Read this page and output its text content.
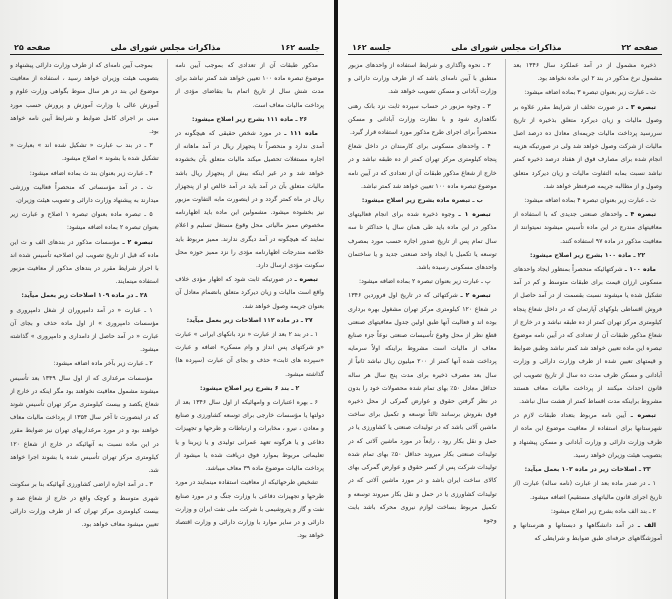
جلسه ۱۶۲
مذاکرات مجلس شورای ملی
صفحه ۲۵

مذکور طبقات آن از تعدادی که بموجب آیین نامه موضوع تبصره ماده ۱۰۰ تعیین خواهد شد کمتر نباشد برای مدت شش سال از تاریخ اتمام بنا بتقاضای مؤدی از پرداخت مالیات معاف است.

۲۶ ـ ماده ۱۱۱ بشرح زیر اصلاح میشود:

ماده ۱۱۱ ـ در مورد شخص حقیقی که هیچگونه در آمدی ندارد و منحصراً تا پنجهزار ریال در آمد ماهانه از اجاره مستغلات تحصیل میکند مالیات متعلق بآن بخشوده خواهد شد و در غیر اینکه بیش از پنجهزار ریال باشد مالیات متعلق بآن در آمد باید در آمد خالص او از پنجهزار ریال در ماه کمتر گردد و در اینصورت مابه التفاوت مزبور نیز بخشوده میشود. مشمولین این ماده باید اظهارنامه مخصوص ممیز مالیاتی محل وقوع مستغل تسلیم و اعلام نمایند که هیچگونه در آمد دیگری ندارند. ممیز مربوط باید خلاصه مندرجات اظهارنامه مؤدی را نزد ممیز حوزه محل سکونت مؤدی ارسال دارد.

تبصره ـ در صورتیکه ثابت شود که اظهار مؤدی خلاف واقع است مالیات و زیان دیرکرد متعلق بانضمام معادل آن بعنوان جریمه وصول خواهد شد.

۲۷ ـ در ماده ۱۱۲ اصلاحات زیر بعمل میآید:

۱ ـ در بند ۲ بعد از عبارت « نزد بانکهای ایرانی » عبارت «و شرکتهای پس انداز و وام مسکن» اضافه و عبارت «سپرده های ثابت» حذف و بجای آن عبارت (سپرده ها) گذاشته میشود.

۲ ـ بند ۶ بشرح زیر اصلاح میشود:

۶ ـ بهره اعتبارات و وامهائیکه از اول سال ۱۳۴۶ بعد از دولتها یا مؤسسات خارجی برای توسعه کشاورزی و صنایع و معادن ، نیرو ، مخابرات و ارتباطات و طرحها و تجهیزات دفاعی و یا هرگونه تعهد عمرانی تولیدی و یا زیربنا و یا تعلیماتی مربوط بموارد فوق دریافت شده یا میشود از پرداخت مالیات موضوع ماده ۳۹ معاف میباشد.

تشخیص طرحهائیکه از معافیت استفاده مینمایند در مورد طرحها و تجهیزات دفاعی با وزارت جنگ و در مورد صنایع نفت و گاز و پتروشیمی با شرکت ملی نفت ایران و وزارت دارائی و در سایر موارد با وزارت دارائی و وزارت اقتصاد خواهد بود.

بموجب آیین نامه‌ای که از طرف وزارت دارائی پیشنهاد و بتصویب هیئت وزیران خواهد رسید ، استفاده از معافیت موضوع این بند در هر سال منوط بگواهی وزارت علوم و آموزش عالی یا وزارت آموزش و پرورش حسب مورد مبنی بر اجرای کامل ضوابط و شرایط آیین نامه خواهد بود.

۳ ـ در بند ب عبارت « تشکیل شده اند » بعبارت « تشکیل شده یا بشوند » اصلاح میشود.

۴ ـ عبارت زیر بعنوان بند ث بماده اضافه میشود:

ث ـ در آمد مؤسساتی که منحصراً فعالیت ورزشی میدارند به پیشنهاد وزارت دارائی و تصویب هیئت وزیران.

۵ ـ تبصره ماده بعنوان تبصره ۱ اصلاح و عبارت زیر بعنوان تبصره ۲ بماده اضافه میشود:

تبصره ۲ ـ مؤسسات مذکور در بندهای الف و ت این ماده که قبل از تاریخ تصویب این اصلاحیه تأسیس شده اند با احراز شرایط مقرر در بندهای مذکور از معافیت مزبور استفاده مینمایند.

۲۸ ـ در ماده ۱۰۹ اصلاحات زیر بعمل میآید:

۱ ـ عبارت « در آمد دامپروران از شغل دامپروری و مؤسسات دامپروری » از اول ماده حذف و بجای آن عبارت « در آمد حاصل از دامداری و دامپروری » گذاشته میشود.

۲ ـ عبارت زیر بآخر ماده اضافه میشود:

مؤسسات مرغداری که از اول سال ۱۳۴۹ بعد تأسیس میشوند مشمول معافیت نخواهند بود مگر اینکه در خارج از شعاع یکصد و بیست کیلومتری مرکز تهران تأسیس شوند که در اینصورت تا آخر سال ۱۳۵۴ از پرداخت مالیات معاف خواهند بود و در مورد مرغداریهای تهران نیز ضوابط مقرر در این ماده نسبت به آنهائیکه در خارج از شعاع ۱۲۰ کیلومتری مرکز تهران تأسیس شده یا بشوند اجرا خواهد شد.

۳ ـ در آمد اجاره اراضی کشاورزی آنهائیکه بنا بر سکونت شهری متوسط و کوچک واقع در خارج از شعاع صد و بیست کیلومتری مرکز تهران که از طرف وزارت دارائی تعیین میشود معاف خواهد بود.

صفحه ۲۲
مذاکرات مجلس شورای ملی
جلسه ۱۶۲

ذخیره مشمول از در آمد عملکرد سال ۱۳۴۶ بعد مشمول نرخ مذکور در بند ۲ این ماده نخواهد بود.

ث ـ عبارت زیر بعنوان تبصره ۳ بماده اضافه میشود:

تبصره ۳ ـ در صورت تخلف از شرایط مقرر علاوه بر وصول مالیات و زیان دیرکرد متعلق بذخیره از تاریخ سررسید پرداخت مالیات جریمه‌ای معادل ده درصد اصل مالیات از شرکت وصول خواهد شد ولی در صورتیکه هزینه انجام شده برای مصارف فوق از هفتاد درصد ذخیره کمتر نباشد نسبت بمابه التفاوت مالیات و زیان دیرکرد متعلق وصول و از مطالبه جریمه صرفنظر خواهد شد.

ث ـ عبارت زیر بعنوان تبصره ۴ بماده اضافه میشود:

تبصره ۴ ـ واحدهای صنعتی جدیدی که با استفاده از معافیتهای مندرج در این ماده تأسیس میشوند نمیتوانند از معافیت مذکور در ماده ۹۷ استفاده کنند.

۲۲ ـ ماده ۱۰۰ بشرح زیر اصلاح میشود:

ماده ۱۰۰ ـ شرکتهائیکه منحصراً بمنظور ایجاد واحدهای مسکونی ارزان قیمت برای طبقات متوسط و کم در آمد تشکیل شده یا میشوند نسبت بقسمت از در آمد حاصل از فروش اقساطی بلوکهای آپارتمان که در داخل شعاع پنجاه کیلومتری مرکز تهران کمتر از ده طبقه نباشد و در خارج از شعاع مذکور طبقات آن از تعدادی که در آیین نامه موضوع تبصره این ماده تعیین خواهد شد کمتر نباشد وطبق ضوابط و قیمتهای تعیین شده از طرف وزارت دارائی و وزارت آبادانی و مسکن ظرف مدت ده سال از تاریخ تصویب این قانون احداث میکنند از پرداخت مالیات معاف هستند مشروط براینکه مدت اقساط کمتر از هشت سال نباشد.

تبصره ـ آیین نامه مربوط بتعداد طبقات لازم در شهرستانها برای استفاده از معافیت موضوع این ماده از طرف وزارت دارائی و وزارت آبادانی و مسکن پیشنهاد و بتصویب هیئت وزیران خواهد رسید.

۲۳ ـ اصلاحات زیر در ماده ۱۰۲ بعمل میآید:

۱ ـ در صدر ماده بعد از عبارت (نامه ساله) عبارت (از تاریخ اجرای قانون مالیاتهای مستقیم) اضافه میشود.

۲ ـ بند الف ماده بشرح زیر اصلاح میشود:

الف ـ در آمد دانشگاهها و دبستانها و هنرستانها و آموزشگاههای حرفه‌ای طبق ضوابط و شرایطی که

۲ ـ نحوه واگذاری و شرایط استفاده از واحدهای مزبور منطبق با آیین نامه‌ای باشد که از طرف وزارت دارائی و وزارت آبادانی و مسکن تصویب خواهد شد.

۳ ـ وجوه مزبور در حساب سپرده ثابت نزد بانک رهنی نگاهداری شود و با نظارت وزارت آبادانی و مسکن منحصراً برای اجرای طرح مذکور مورد استفاده قرار گیرد.

۴ ـ واحدهای مسکونی برای کارمندان در داخل شعاع پنجاه کیلومتری مرکز تهران کمتر از ده طبقه نباشد و در خارج از شعاع مذکور طبقات آن از تعدادی که در آیین نامه موضوع تبصره ماده ۱۰۰ تعیین خواهد شد کمتر نباشد.

ب ـ تبصره ماده بشرح زیر اصلاح میشود:

تبصره ۱ ـ وجوه ذخیره شده برای انجام فعالیتهای مذکور در این ماده باید طی همان سال یا حداکثر تا سه سال تمام پس از تاریخ صدور اجازه حسب مورد بمصرف توسعه یا تکمیل یا ایجاد واحد صنعتی جدید و یا ساختمان واحدهای مسکونی رسیده باشد.

پ ـ عبارت زیر بعنوان تبصره ۲ بماده اضافه میشود:

تبصره ۲ ـ شرکتهائی که در تاریخ اول فروردین ۱۳۴۶ در شعاع ۱۲۰ کیلومتری مرکز تهران مشغول بهره برداری بوده اند و فعالیت آنها طبق اولین جدول معافیتهای صنعتی قطع نظر از محل وقوع تأسیسات صنعتی نوعاً جزء صنایع معاف از مالیات است مشروط براینکه اولاً سرمایه پرداخت شده آنها کمتر از ۲۰۰ میلیون ریال نباشد ثانیاً از سال بعد مصرف ذخیره برای مدت پنج سال هر ساله حداقل معادل ۵۰٪ بهای تمام شده محصولات خود را بدون در نظر گرفتن حقوق و عوارض گمرکی از محل ذخیره فوق بفروش برسانند ثالثاً توسعه و تکمیل برای ساخت ماشین آلاتی باشد که در تولیدات صنعتی یا کشاورزی یا در حمل و نقل بکار رود ، رابعاً در مورد ماشین آلاتی که در تولیدات صنعتی بکار میروند حداقل ۵۰٪ بهای تمام شده تولیدات شرکت پس از کسر حقوق و عوارض گمرکی بهای کالای ساخت ایران باشد و در مورد ماشین آلاتی که در تولیدات کشاورزی یا در حمل و نقل بکار میروند توسعه و تکمیل مربوط بساخت لوازم نیروی محرکه باشد بابت وجوه
